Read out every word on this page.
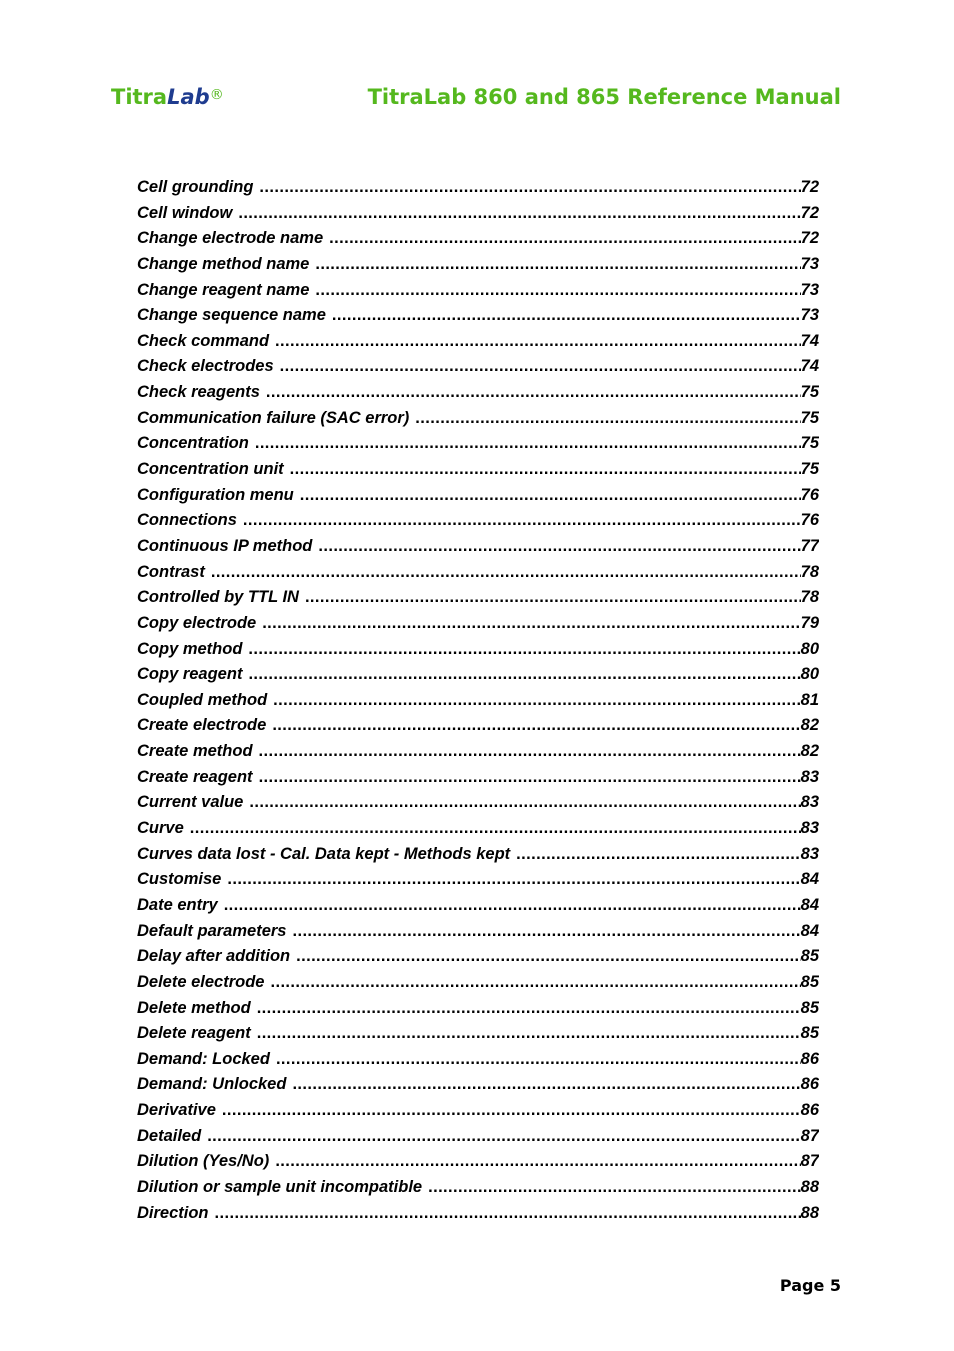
TitraLab®	TitraLab 860 and 865 Reference Manual
Cell grounding .....	72
Cell window .....	72
Change electrode name .....	72
Change method name .....	73
Change reagent name .....	73
Change sequence name .....	73
Check command .....	74
Check electrodes .....	74
Check reagents .....	75
Communication failure (SAC error) .....	75
Concentration .....	75
Concentration unit .....	75
Configuration menu .....	76
Connections .....	76
Continuous IP method .....	77
Contrast .....	78
Controlled by TTL IN .....	78
Copy electrode .....	79
Copy method .....	80
Copy reagent .....	80
Coupled method .....	81
Create electrode .....	82
Create method .....	82
Create reagent .....	83
Current value .....	83
Curve .....	83
Curves data lost - Cal. Data kept - Methods kept .....	83
Customise .....	84
Date entry .....	84
Default parameters .....	84
Delay after addition .....	85
Delete electrode .....	85
Delete method .....	85
Delete reagent .....	85
Demand: Locked .....	86
Demand: Unlocked .....	86
Derivative .....	86
Detailed .....	87
Dilution (Yes/No) .....	87
Dilution or sample unit incompatible .....	88
Direction .....	88
Page 5
